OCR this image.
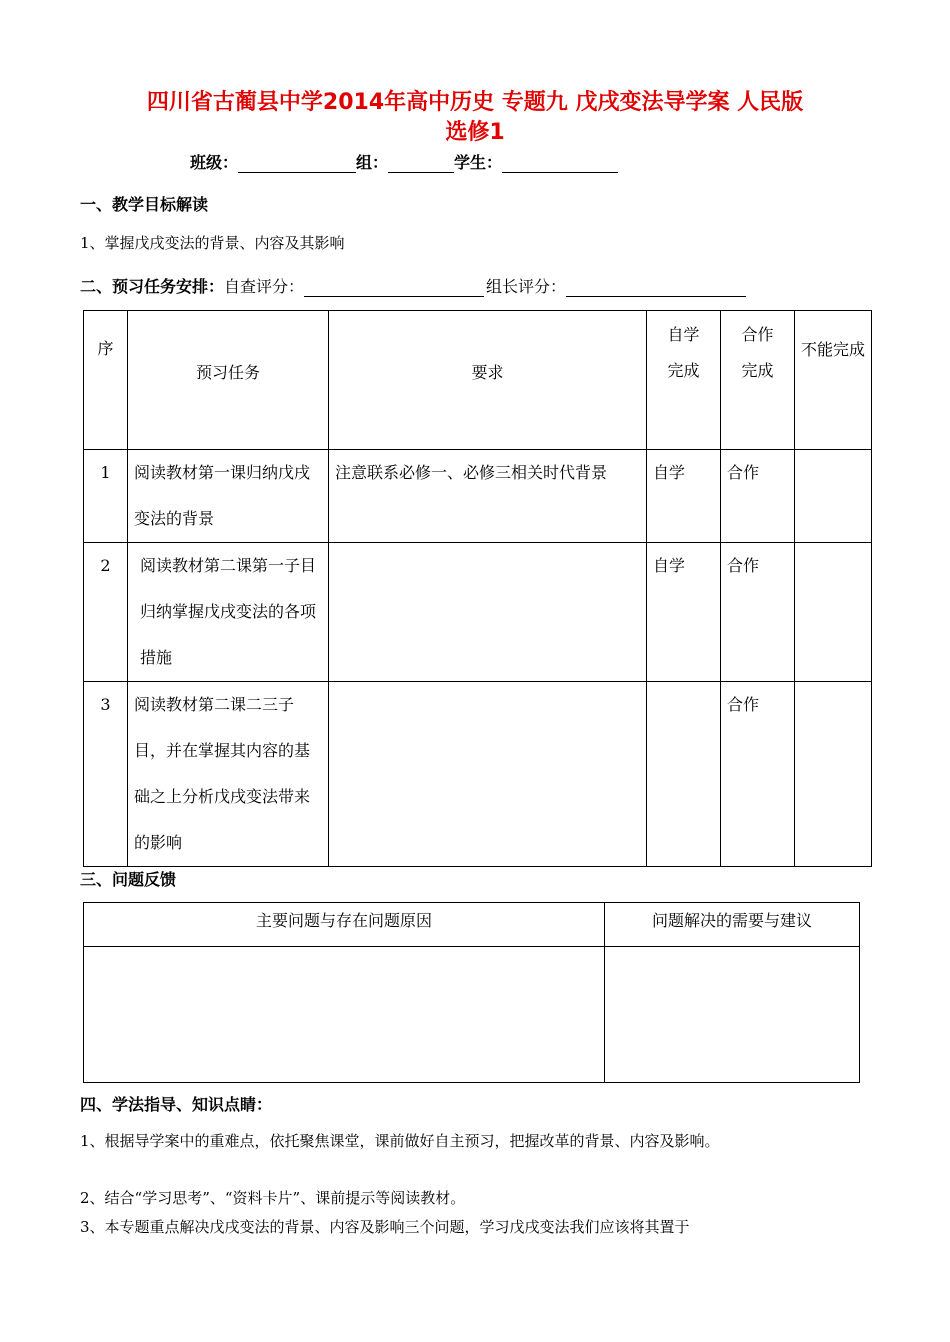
四川省古蔺县中学2014年高中历史 专题九 戊戌变法导学案 人民版
选修1
班级：	组：	学生：
一、教学目标解读
1、掌握戊戌变法的背景、内容及其影响
二、预习任务安排：自查评分：	组长评分：
序	预习任务	要求	自学完成	合作完成	不能完成

1	阅读教材第一课归纳戊戌变法的背景	注意联系必修一、必修三相关时代背景	自学	合作	
2	阅读教材第二课第一子目归纳掌握戊戌变法的各项措施		自学	合作	
3	阅读教材第二课二三子目，并在掌握其内容的基础之上分析戊戌变法带来的影响			合作	
三、问题反馈
主要问题与存在问题原因	问题解决的需要与建议

四、学法指导、知识点睛：
1、根据导学案中的重难点，依托聚焦课堂，课前做好自主预习，把握改革的背景、内容及影响。
2、结合“学习思考”、“资料卡片”、课前提示等阅读教材。
3、本专题重点解决戊戌变法的背景、内容及影响三个问题，学习戊戌变法我们应该将其置于
